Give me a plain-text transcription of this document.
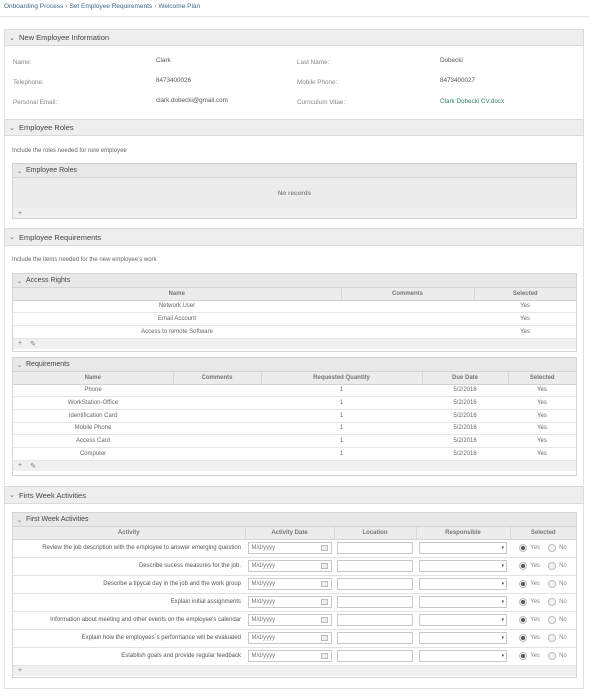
Onboarding Process › Set Employee Requirements › Welcome Plan
⌄ New Employee Information
Name:	Clark	Last Name:	Dobecki
Telephone:	8473400026	Mobile Phone:	8473400027
Personal Email:	clark.dobecki@gmail.com	Curriculum Vitae:	Clark Dobecki CV.docx
⌄ Employee Roles
Include the roles needed for new employee
⌄ Employee Roles
No records
+
⌄ Employee Requirements
Include the items needed for the new employee's work
⌄ Access Rights
Name	Comments	Selected
Network User		Yes
Email Account		Yes
Access to remote Software		Yes
+ ✎
⌄ Requirements
Name	Comments	Requested Quantity	Due Date	Selected
Phone		1	5/2/2016	Yes
WorkStation-Office		1	5/2/2016	Yes
Identification Card		1	5/2/2016	Yes
Mobile Phone		1	5/2/2016	Yes
Access Card		1	5/2/2016	Yes
Computer		1	5/2/2016	Yes
+ ✎
⌄ Firts Week Activities
⌄ First Week Activities
Activity	Activity Date	Location	Responsible	Selected
Review the job description with the employee to answer emerging question	M/d/yyyy		▾	Yes No

Describe sucess measures for the job.	M/d/yyyy		▾	Yes No

Describe a tipycal day in the job and the work group	M/d/yyyy		▾	Yes No

Explain initial assignments	M/d/yyyy		▾	Yes No

Information about meeting and other events on the employee's calendar	M/d/yyyy		▾	Yes No

Explain how the employees´s performance will be evaluated	M/d/yyyy		▾	Yes No

Establish goals and provide regular feedback	M/d/yyyy		▾	Yes No
+
